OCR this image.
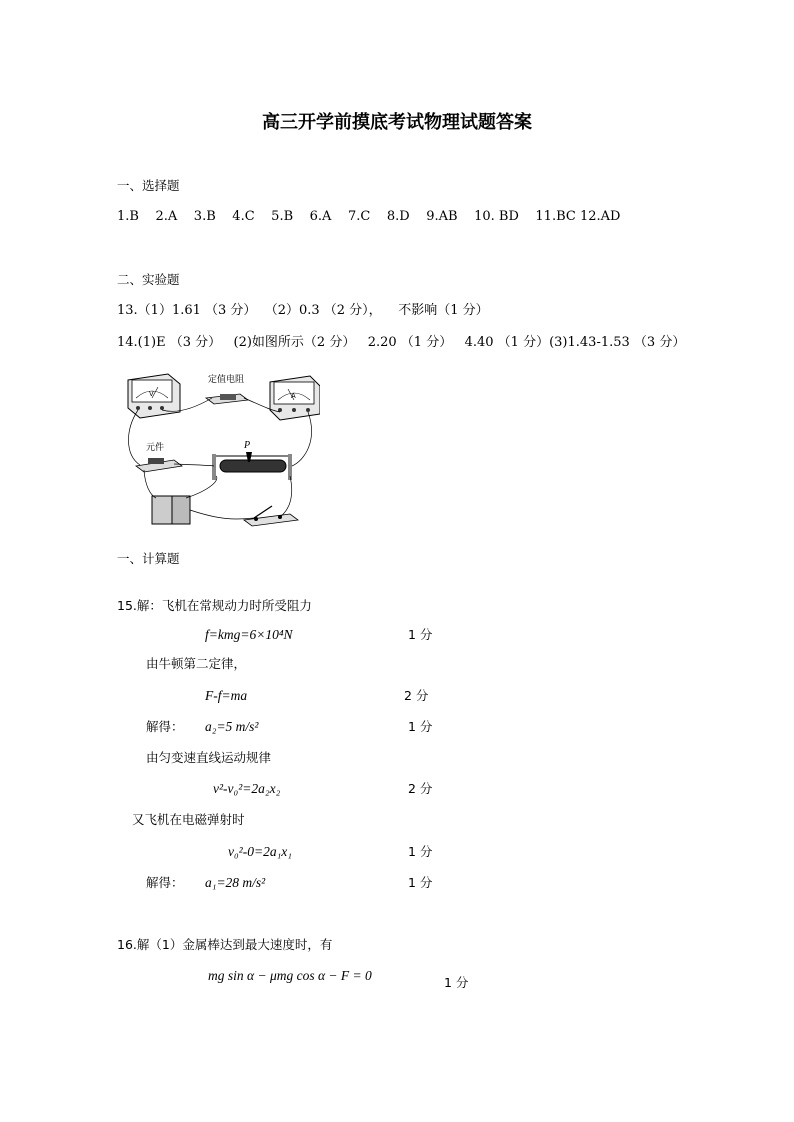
高三开学前摸底考试物理试题答案
一、选择题
1.B    2.A    3.B    4.C    5.B    6.A    7.C    8.D    9.AB    10. BD    11.BC 12.AD
二、实验题
13.（1）1.61 （3 分）  （2）0.3 （2 分），    不影响（1 分）
14.(1)E （3 分）   (2)如图所示（2 分）   2.20 （1 分）   4.40 （1 分）(3)1.43-1.53 （3 分）
V
定值电阻
A
元件	P
一、计算题
15.解：飞机在常规动力时所受阻力
f=kmg=6×10⁴N	1 分
由牛顿第二定律，
F-f=ma	2 分
解得： a₂=5 m/s²	1 分
由匀变速直线运动规律
v²-v₀²=2a₂x₂	2 分
又飞机在电磁弹射时
v₀²-0=2a₁x₁	1 分
解得： a₁=28 m/s²	1 分
16.解（1）金属棒达到最大速度时，有
mg sin α − μmg cos α − F = 0	1 分
